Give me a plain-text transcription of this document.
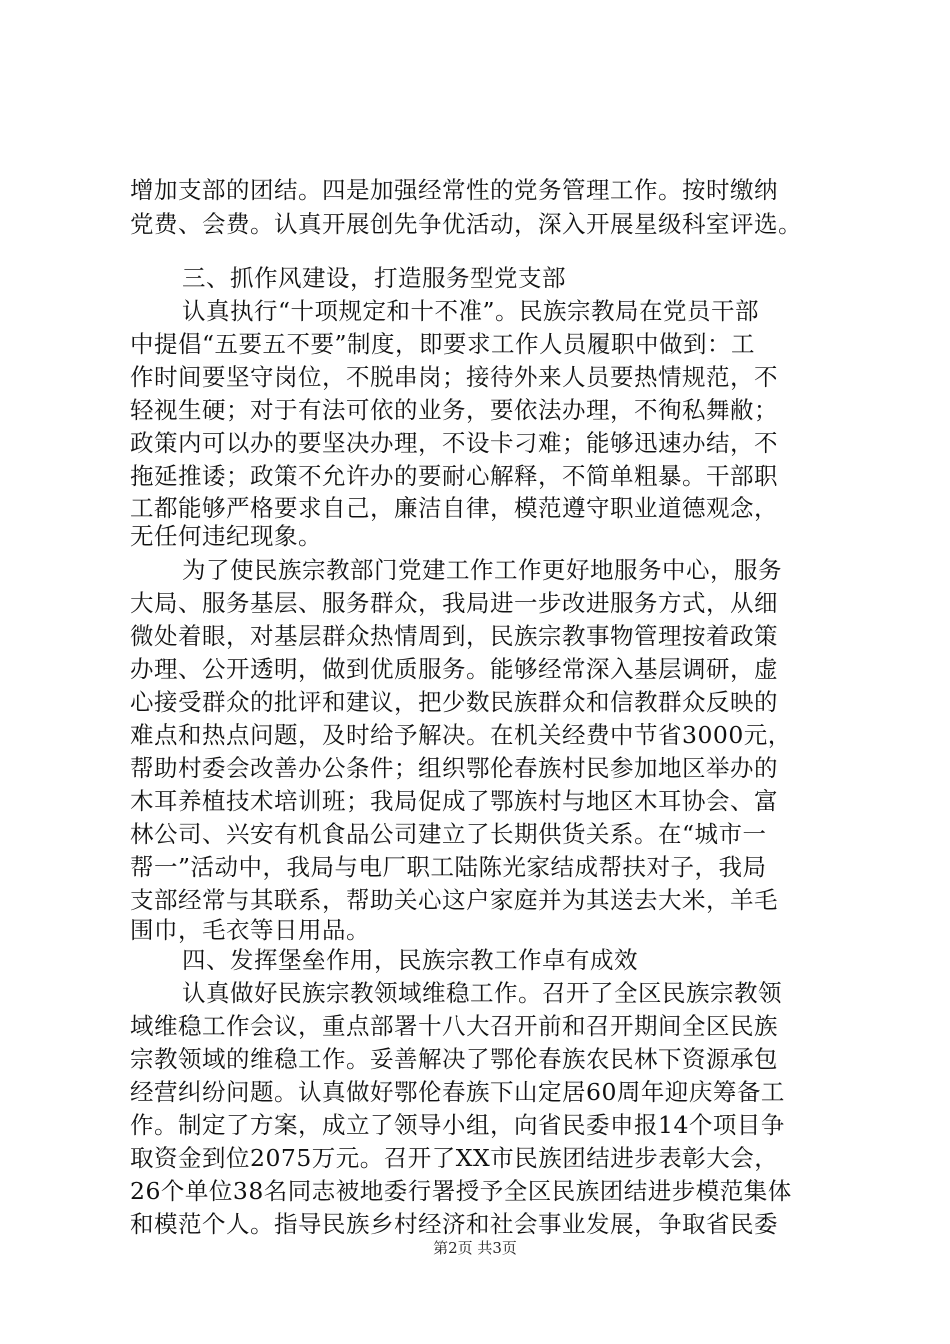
增加支部的团结。四是加强经常性的党务管理工作。按时缴纳
党费、会费。认真开展创先争优活动，深入开展星级科室评选。
三、抓作风建设，打造服务型党支部
认真执行“十项规定和十不准”。民族宗教局在党员干部
中提倡“五要五不要”制度，即要求工作人员履职中做到：工
作时间要坚守岗位，不脱串岗；接待外来人员要热情规范，不
轻视生硬；对于有法可依的业务，要依法办理，不徇私舞敝；
政策内可以办的要坚决办理，不设卡刁难；能够迅速办结，不
拖延推诿；政策不允许办的要耐心解释，不简单粗暴。干部职
工都能够严格要求自己，廉洁自律，模范遵守职业道德观念，
无任何违纪现象。
为了使民族宗教部门党建工作工作更好地服务中心，服务
大局、服务基层、服务群众，我局进一步改进服务方式，从细
微处着眼，对基层群众热情周到，民族宗教事物管理按着政策
办理、公开透明，做到优质服务。能够经常深入基层调研，虚
心接受群众的批评和建议，把少数民族群众和信教群众反映的
难点和热点问题，及时给予解决。在机关经费中节省3000元，
帮助村委会改善办公条件；组织鄂伦春族村民参加地区举办的
木耳养植技术培训班；我局促成了鄂族村与地区木耳协会、富
林公司、兴安有机食品公司建立了长期供货关系。在“城市一
帮一”活动中，我局与电厂职工陆陈光家结成帮扶对子，我局
支部经常与其联系，帮助关心这户家庭并为其送去大米，羊毛
围巾，毛衣等日用品。
四、发挥堡垒作用，民族宗教工作卓有成效
认真做好民族宗教领域维稳工作。召开了全区民族宗教领
域维稳工作会议，重点部署十八大召开前和召开期间全区民族
宗教领域的维稳工作。妥善解决了鄂伦春族农民林下资源承包
经营纠纷问题。认真做好鄂伦春族下山定居60周年迎庆筹备工
作。制定了方案，成立了领导小组，向省民委申报14个项目争
取资金到位2075万元。召开了XX市民族团结进步表彰大会，
26个单位38名同志被地委行署授予全区民族团结进步模范集体
和模范个人。指导民族乡村经济和社会事业发展，争取省民委
第2页 共3页
